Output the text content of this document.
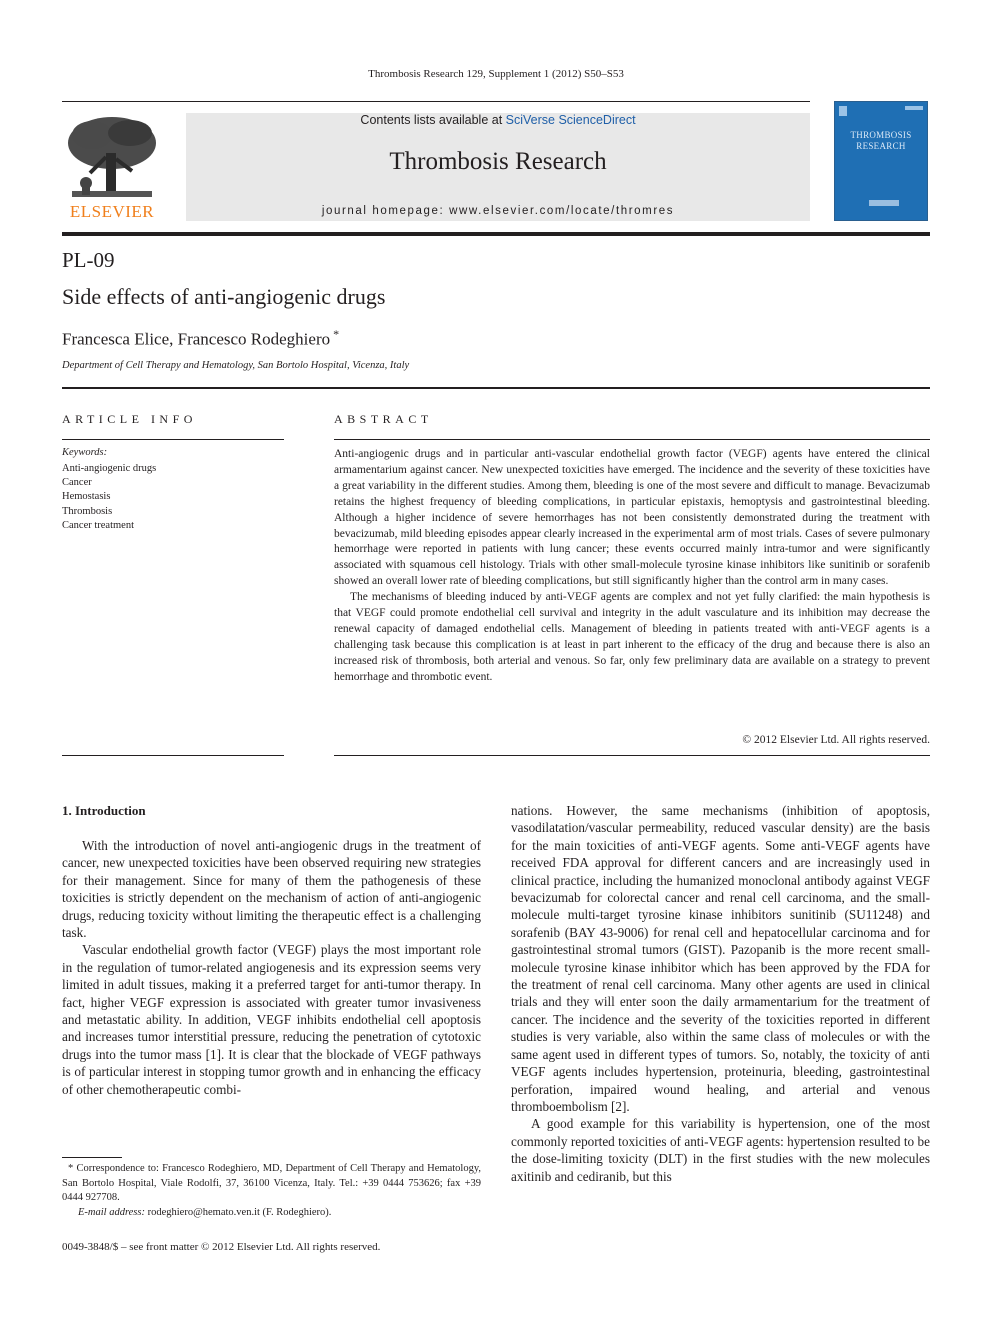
Thrombosis Research 129, Supplement 1 (2012) S50–S53
ELSEVIER
Contents lists available at SciVerse ScienceDirect
Thrombosis Research
journal homepage: www.elsevier.com/locate/thromres
THROMBOSIS
RESEARCH
PL-09
Side effects of anti-angiogenic drugs
Francesca Elice, Francesco Rodeghiero *
Department of Cell Therapy and Hematology, San Bortolo Hospital, Vicenza, Italy
ARTICLE INFO
Keywords:
Anti-angiogenic drugs
Cancer
Hemostasis
Thrombosis
Cancer treatment
ABSTRACT

Anti-angiogenic drugs and in particular anti-vascular endothelial growth factor (VEGF) agents have entered the clinical armamentarium against cancer. New unexpected toxicities have emerged. The incidence and the severity of these toxicities have a great variability in the different studies. Among them, bleeding is one of the most severe and difficult to manage. Bevacizumab retains the highest frequency of bleeding complications, in particular epistaxis, hemoptysis and gastrointestinal bleeding. Although a higher incidence of severe hemorrhages has not been consistently demonstrated during the treatment with bevacizumab, mild bleeding episodes appear clearly increased in the experimental arm of most trials. Cases of severe pulmonary hemorrhage were reported in patients with lung cancer; these events occurred mainly intra-tumor and were significantly associated with squamous cell histology. Trials with other small-molecule tyrosine kinase inhibitors like sunitinib or sorafenib showed an overall lower rate of bleeding complications, but still significantly higher than the control arm in many cases.

The mechanisms of bleeding induced by anti-VEGF agents are complex and not yet fully clarified: the main hypothesis is that VEGF could promote endothelial cell survival and integrity in the adult vasculature and its inhibition may decrease the renewal capacity of damaged endothelial cells. Management of bleeding in patients treated with anti-VEGF agents is a challenging task because this complication is at least in part inherent to the efficacy of the drug and because there is also an increased risk of thrombosis, both arterial and venous. So far, only few preliminary data are available on a strategy to prevent hemorrhage and thrombotic event.

© 2012 Elsevier Ltd. All rights reserved.
1. Introduction

With the introduction of novel anti-angiogenic drugs in the treatment of cancer, new unexpected toxicities have been observed requiring new strategies for their management. Since for many of them the pathogenesis of these toxicities is strictly dependent on the mechanism of action of anti-angiogenic drugs, reducing toxicity without limiting the therapeutic effect is a challenging task.

Vascular endothelial growth factor (VEGF) plays the most important role in the regulation of tumor-related angiogenesis and its expression seems very limited in adult tissues, making it a preferred target for anti-tumor therapy. In fact, higher VEGF expression is associated with greater tumor invasiveness and metastatic ability. In addition, VEGF inhibits endothelial cell apoptosis and increases tumor interstitial pressure, reducing the penetration of cytotoxic drugs into the tumor mass [1]. It is clear that the blockade of VEGF pathways is of particular interest in stopping tumor growth and in enhancing the efficacy of other chemotherapeutic combi-

nations. However, the same mechanisms (inhibition of apoptosis, vasodilatation/vascular permeability, reduced vascular density) are the basis for the main toxicities of anti-VEGF agents. Some anti-VEGF agents have received FDA approval for different cancers and are increasingly used in clinical practice, including the humanized monoclonal antibody against VEGF bevacizumab for colorectal cancer and renal cell carcinoma, and the small-molecule multi-target tyrosine kinase inhibitors sunitinib (SU11248) and sorafenib (BAY 43-9006) for renal cell and hepatocellular carcinoma and for gastrointestinal stromal tumors (GIST). Pazopanib is the more recent small-molecule tyrosine kinase inhibitor which has been approved by the FDA for the treatment of renal cell carcinoma. Many other agents are used in clinical trials and they will enter soon the daily armamentarium for the treatment of cancer. The incidence and the severity of the toxicities reported in different studies is very variable, also within the same class of molecules or with the same agent used in different types of tumors. So, notably, the toxicity of anti VEGF agents includes hypertension, proteinuria, bleeding, gastrointestinal perforation, impaired wound healing, and arterial and venous thromboembolism [2].

A good example for this variability is hypertension, one of the most commonly reported toxicities of anti-VEGF agents: hypertension resulted to be the dose-limiting toxicity (DLT) in the first studies with the new molecules axitinib and cediranib, but this

* Correspondence to: Francesco Rodeghiero, MD, Department of Cell Therapy and Hematology, San Bortolo Hospital, Viale Rodolfi, 37, 36100 Vicenza, Italy. Tel.: +39 0444 753626; fax +39 0444 927708.

E-mail address: rodeghiero@hemato.ven.it (F. Rodeghiero).

0049-3848/$ – see front matter © 2012 Elsevier Ltd. All rights reserved.
